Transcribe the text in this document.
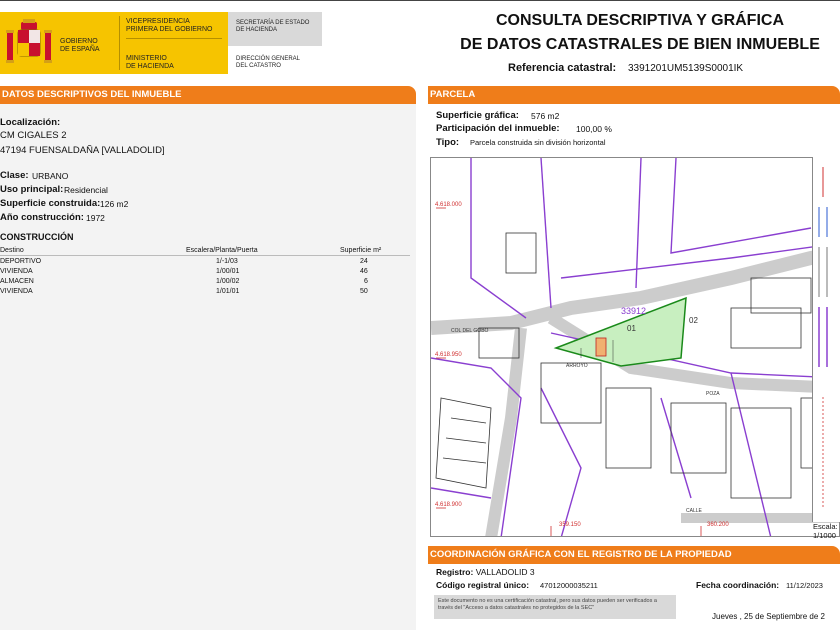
GOBIERNO
DE ESPAÑA
VICEPRESIDENCIA
PRIMERA DEL GOBIERNO
MINISTERIO
DE HACIENDA
SECRETARÍA DE ESTADO
DE HACIENDA
DIRECCIÓN GENERAL
DEL CATASTRO
CONSULTA DESCRIPTIVA Y GRÁFICA
DE DATOS CATASTRALES DE BIEN INMUEBLE
Referencia catastral: 3391201UM5139S0001IK
DATOS DESCRIPTIVOS DEL INMUEBLE
Localización:
CM CIGALES 2
47194 FUENSALDAÑA [VALLADOLID]
Clase: URBANO
Uso principal: Residencial
Superficie construida: 126 m2
Año construcción: 1972
CONSTRUCCIÓN
Destino	Escalera/Planta/Puerta	Superficie m²
DEPORTIVO	1/-1/03	24
VIVIENDA	1/00/01	46
ALMACEN	1/00/02	6
VIVIENDA	1/01/01	50
PARCELA
Superficie gráfica: 576 m2
Participación del inmueble: 100,00 %
Tipo: Parcela construida sin división horizontal
4.618.000
4.618.950
4.618.900
359.150	360.200
33912
01
02
ARROYO
POZA
CALLE
COL DEL GOBO
Escala:
1/1000
COORDINACIÓN GRÁFICA CON EL REGISTRO DE LA PROPIEDAD
Registro: VALLADOLID 3
Código registral único: 47012000035211	Fecha coordinación: 11/12/2023
Este documento no es una certificación catastral, pero sus datos pueden ser verificados a través del "Acceso a datos catastrales no protegidos de la SEC"
Jueves , 25 de Septiembre de 2
